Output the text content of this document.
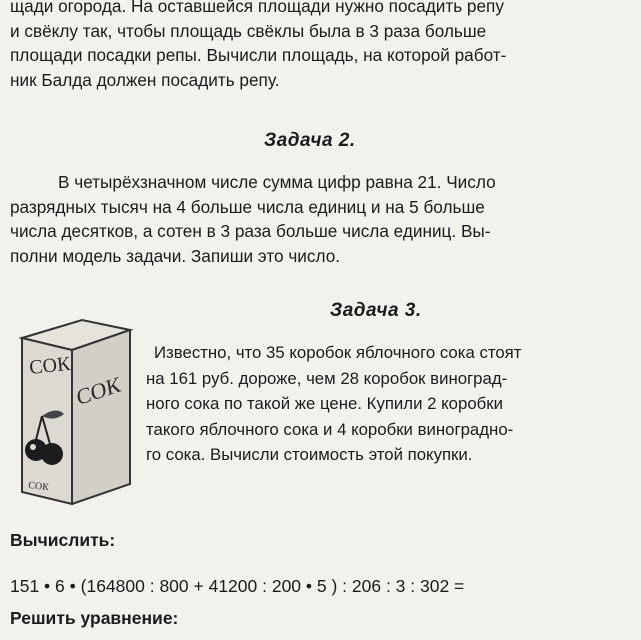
щади огорода. На оставшейся площади нужно посадить репу
и свёклу так, чтобы площадь свёклы была в 3 раза больше
площади посадки репы. Вычисли площадь, на которой работ-
ник Балда должен посадить репу.
Задача 2.
В четырёхзначном числе сумма цифр равна 21. Число
разрядных тысяч на 4 больше числа единиц и на 5 больше
числа десятков, а сотен в 3 раза больше числа единиц. Вы-
полни модель задачи. Запиши это число.
Задача 3.
СОК
СОК
СОК
Известно, что 35 коробок яблочного сока стоят
на 161 руб. дороже, чем 28 коробок виноград-
ного сока по такой же цене. Купили 2 коробки
такого яблочного сока и 4 коробки виноградно-
го сока. Вычисли стоимость этой покупки.
Вычислить:
151 • 6 • (164800 : 800 + 41200 : 200 • 5 ) : 206 : 3 : 302 =
Решить уравнение:
